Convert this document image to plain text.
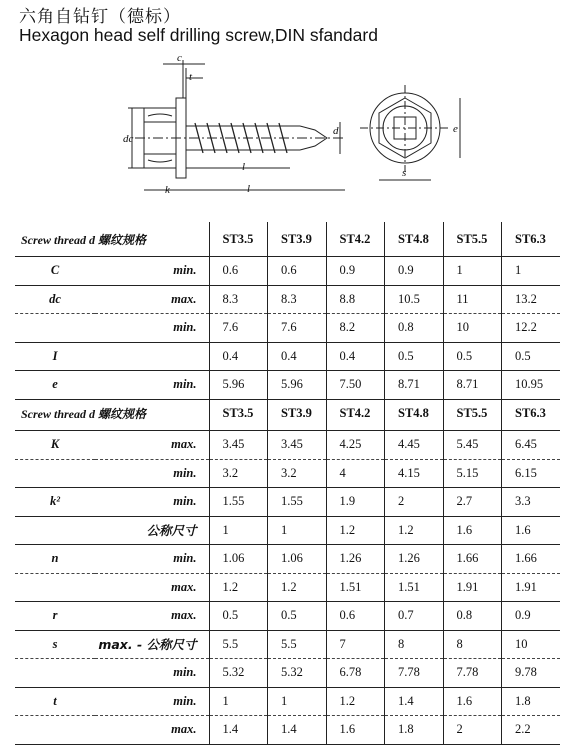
六角自钻钉（德标）
Hexagon head self drilling screw,DIN sfandard
dc
c
t
l
l
k
d
s
e
Screw thread d 螺纹规格		ST3.5	ST3.9	ST4.2	ST4.8	ST5.5	ST6.3
C	min.	0.6	0.6	0.9	0.9	1	1
dc	max.	8.3	8.3	8.8	10.5	11	13.2
	min.	7.6	7.6	8.2	0.8	10	12.2
I		0.4	0.4	0.4	0.5	0.5	0.5
e	min.	5.96	5.96	7.50	8.71	8.71	10.95
Screw thread d 螺纹规格		ST3.5	ST3.9	ST4.2	ST4.8	ST5.5	ST6.3
K	max.	3.45	3.45	4.25	4.45	5.45	6.45
	min.	3.2	3.2	4	4.15	5.15	6.15
k²	min.	1.55	1.55	1.9	2	2.7	3.3
	公称尺寸	1	1	1.2	1.2	1.6	1.6
n	min.	1.06	1.06	1.26	1.26	1.66	1.66
	max.	1.2	1.2	1.51	1.51	1.91	1.91
r	max.	0.5	0.5	0.6	0.7	0.8	0.9
s	max. - 公称尺寸	5.5	5.5	7	8	8	10
	min.	5.32	5.32	6.78	7.78	7.78	9.78
t	min.	1	1	1.2	1.4	1.6	1.8
	max.	1.4	1.4	1.6	1.8	2	2.2
